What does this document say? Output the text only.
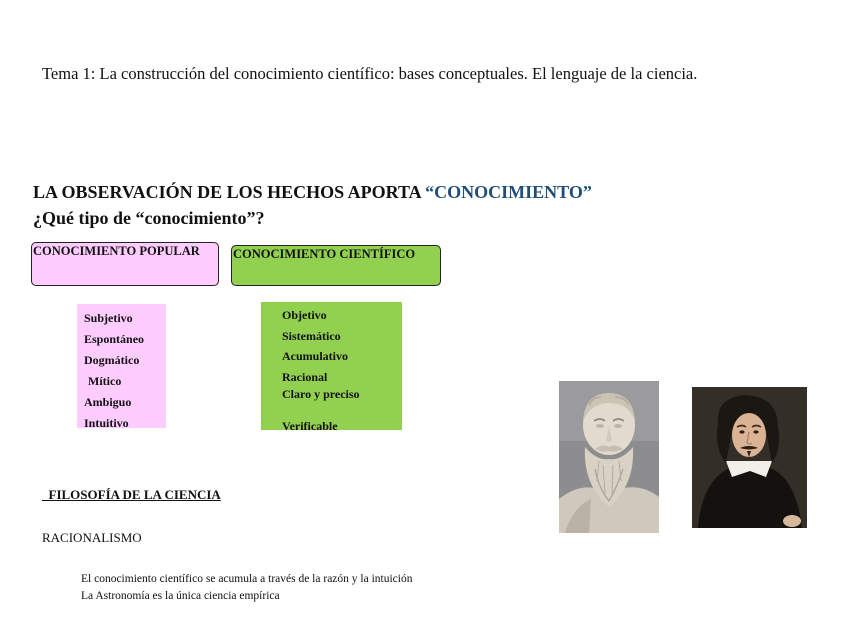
Tema 1: La construcción del conocimiento científico: bases conceptuales. El lenguaje de la ciencia.
LA OBSERVACIÓN DE LOS HECHOS APORTA “CONOCIMIENTO”
¿Qué tipo de “conocimiento”?
CONOCIMIENTO POPULAR	CONOCIMIENTO CIENTÍFICO
Subjetivo
Espontáneo
Dogmático
Mítico
Ambiguo
Intuitivo
Objetivo
Sistemático
Acumulativo
Racional
Claro y preciso
Verificable
FILOSOFÍA DE LA CIENCIA
RACIONALISMO
El conocimiento científico se acumula a través de la razón y la intuición
La Astronomía es la única ciencia empírica
